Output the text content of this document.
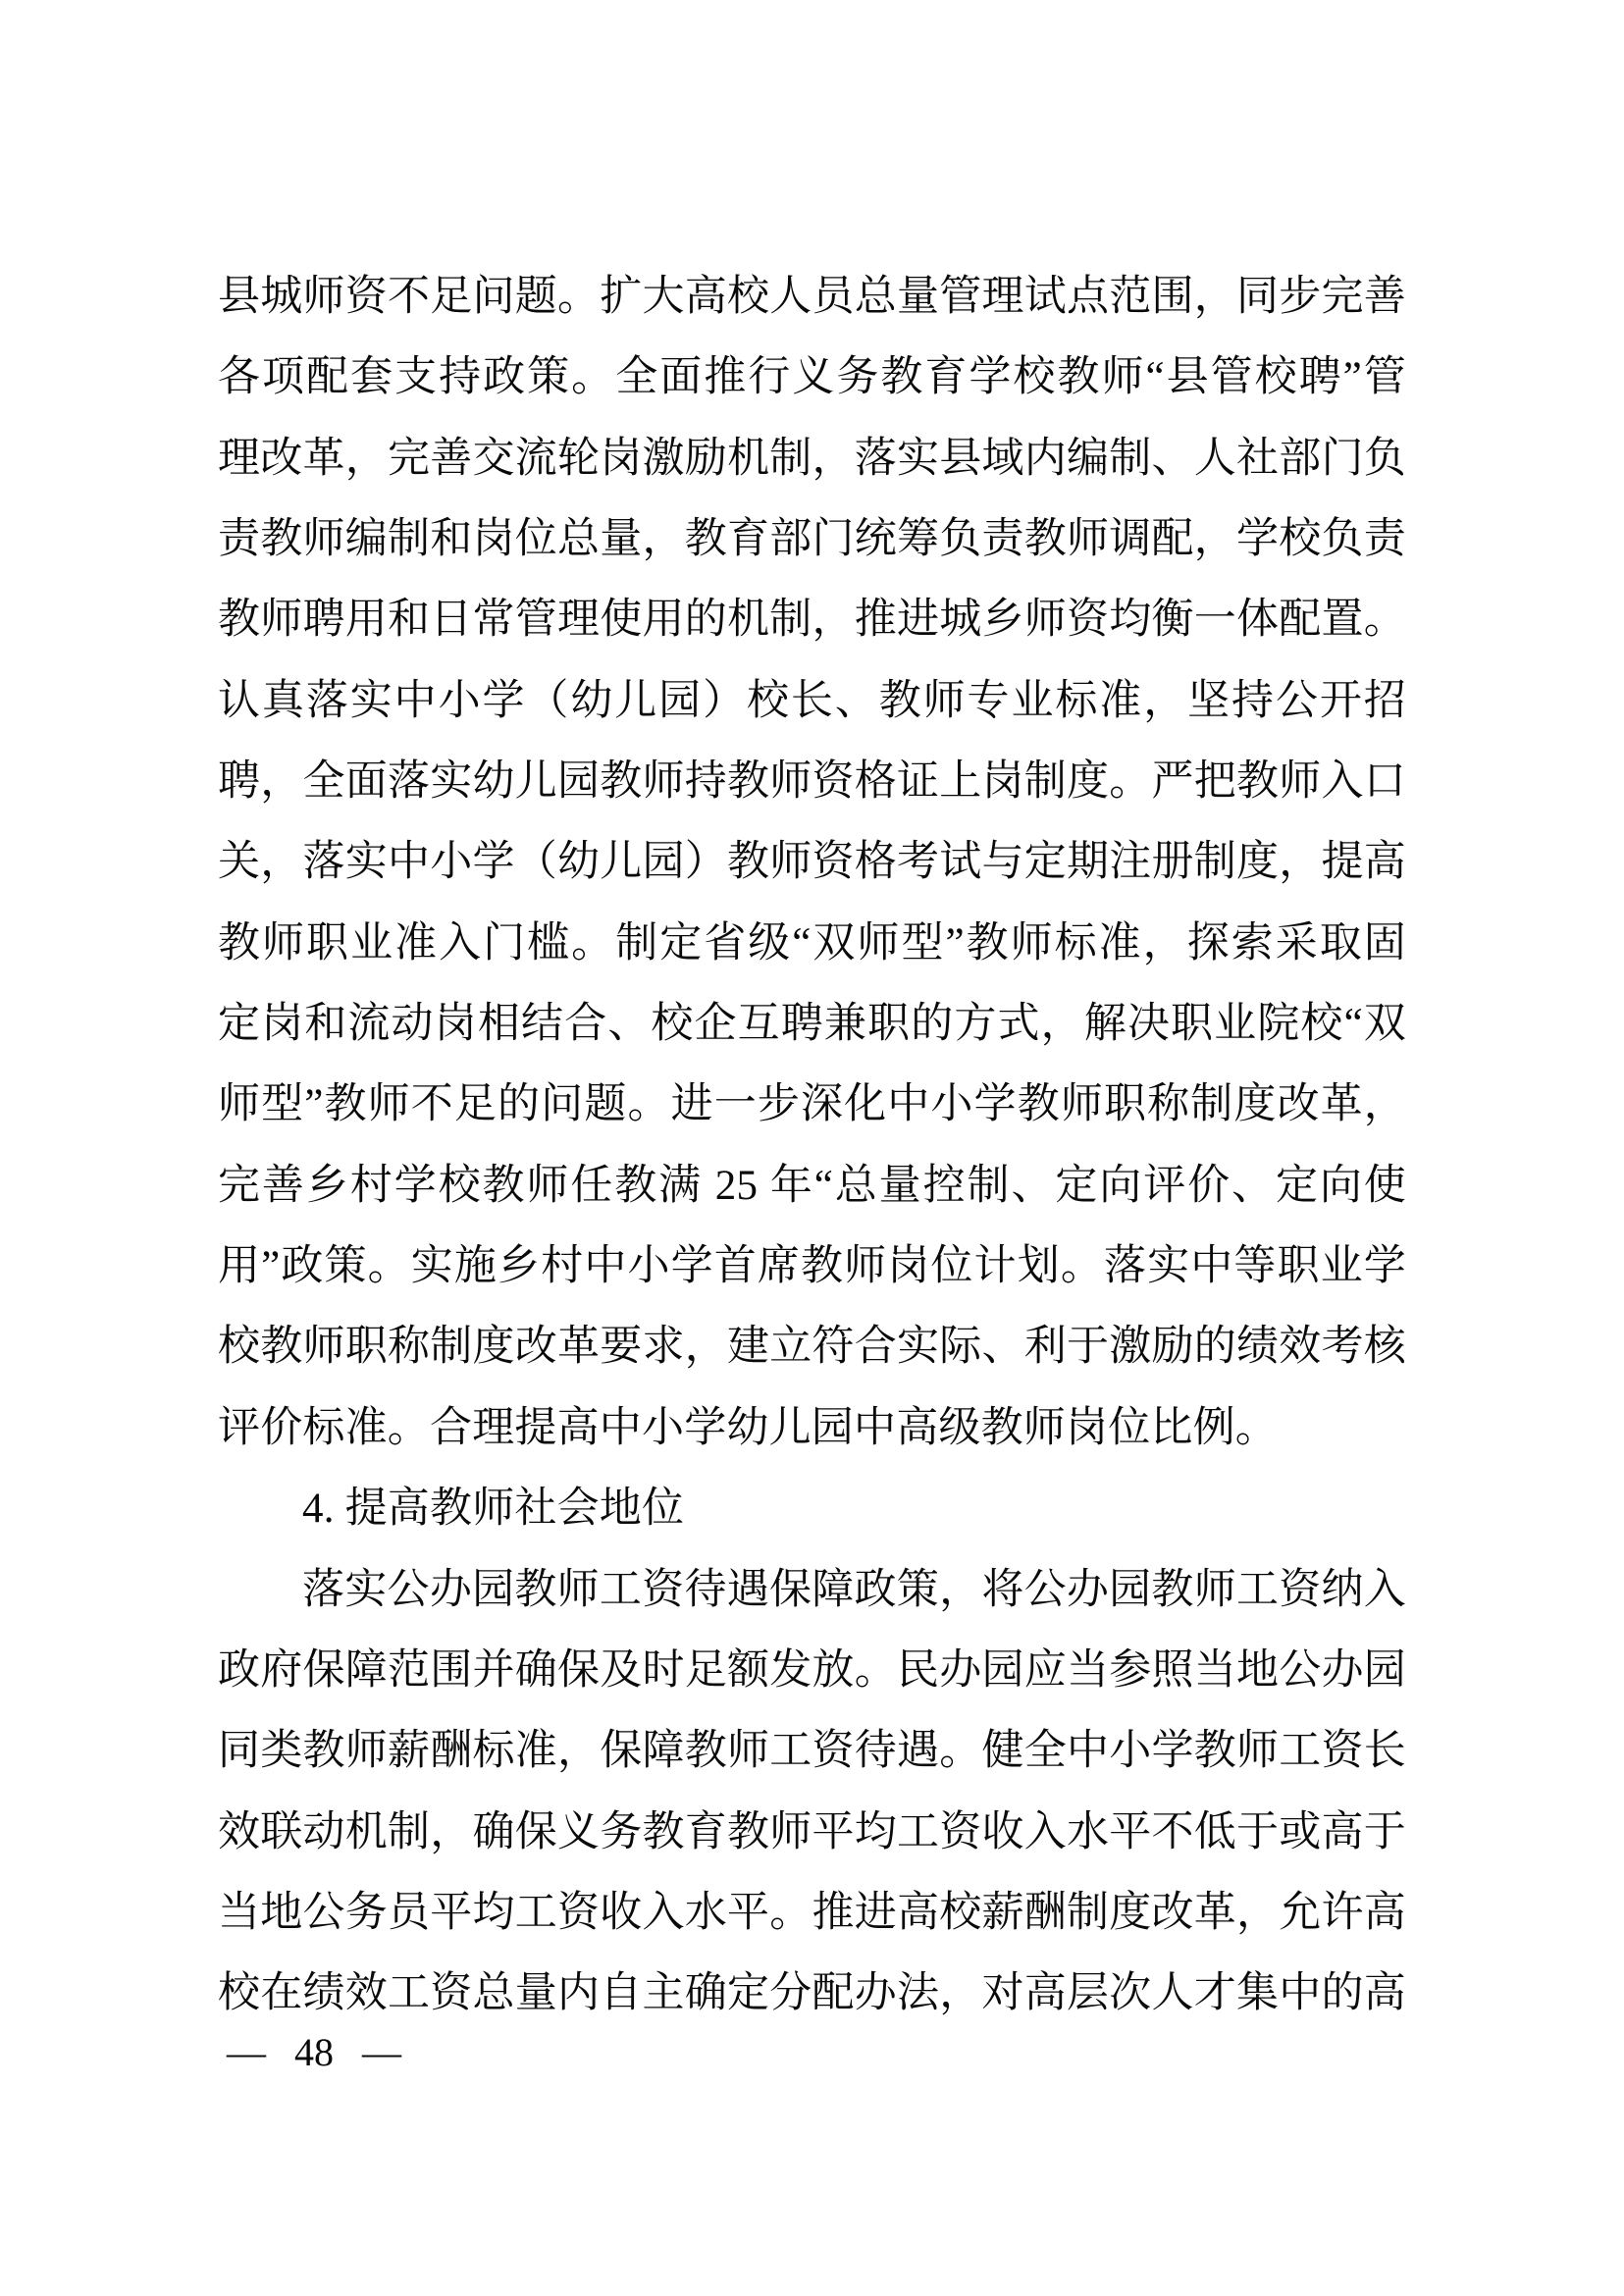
县城师资不足问题。扩大高校人员总量管理试点范围，同步完善
各项配套支持政策。全面推行义务教育学校教师“县管校聘”管
理改革，完善交流轮岗激励机制，落实县域内编制、人社部门负
责教师编制和岗位总量，教育部门统筹负责教师调配，学校负责
教师聘用和日常管理使用的机制，推进城乡师资均衡一体配置。
认真落实中小学（幼儿园）校长、教师专业标准，坚持公开招
聘，全面落实幼儿园教师持教师资格证上岗制度。严把教师入口
关，落实中小学（幼儿园）教师资格考试与定期注册制度，提高
教师职业准入门槛。制定省级“双师型”教师标准，探索采取固
定岗和流动岗相结合、校企互聘兼职的方式，解决职业院校“双
师型”教师不足的问题。进一步深化中小学教师职称制度改革，
完善乡村学校教师任教满 25 年“总量控制、定向评价、定向使
用”政策。实施乡村中小学首席教师岗位计划。落实中等职业学
校教师职称制度改革要求，建立符合实际、利于激励的绩效考核
评价标准。合理提高中小学幼儿园中高级教师岗位比例。
4. 提高教师社会地位
落实公办园教师工资待遇保障政策，将公办园教师工资纳入
政府保障范围并确保及时足额发放。民办园应当参照当地公办园
同类教师薪酬标准，保障教师工资待遇。健全中小学教师工资长
效联动机制，确保义务教育教师平均工资收入水平不低于或高于
当地公务员平均工资收入水平。推进高校薪酬制度改革，允许高
校在绩效工资总量内自主确定分配办法，对高层次人才集中的高
— 48 —
